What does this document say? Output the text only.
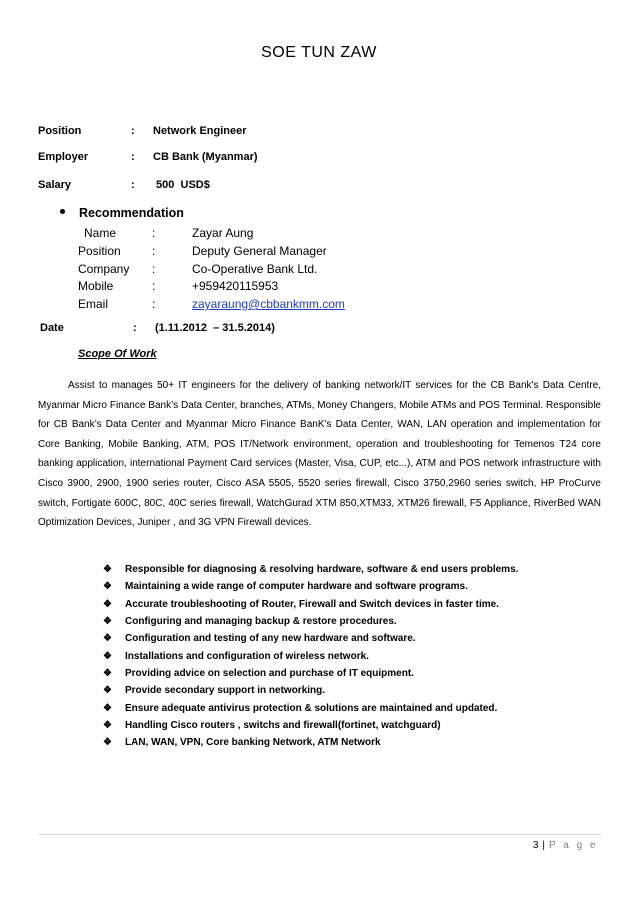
SOE TUN ZAW
Position	: Network Engineer
Employer	: CB Bank (Myanmar)
Salary	: 500  USD$
Recommendation
Name	:	Zayar Aung
Position	:	Deputy General Manager
Company :	Co-Operative Bank Ltd.
Mobile	:	+959420115953
Email	:	zayaraung@cbbankmm.com
Date	: (1.11.2012  – 31.5.2014)
Scope Of Work

Assist to manages 50+ IT engineers for the delivery of banking network/IT services for the CB Bank's Data Centre, Myanmar Micro Finance Bank’s Data Center, branches, ATMs, Money Changers, Mobile ATMs and POS Terminal. Responsible for CB Bank’s Data Center and Myanmar Micro Finance BanK’s Data Center, WAN, LAN operation and implementation for Core Banking, Mobile Banking, ATM, POS IT/Network environment, operation and troubleshooting for Temenos T24 core banking application, international Payment Card services (Master, Visa, CUP, etc...), ATM and POS network infrastructure with Cisco 3900, 2900, 1900 series router, Cisco ASA 5505, 5520 series firewall, Cisco 3750,2960 series switch, HP ProCurve switch, Fortigate 600C, 80C, 40C series firewall, WatchGurad XTM 850,XTM33, XTM26 firewall, F5 Appliance, RiverBed WAN Optimization Devices, Juniper , and 3G VPN Firewall devices.

❖	Responsible for diagnosing & resolving hardware, software & end users problems.
❖	Maintaining a wide range of computer hardware and software programs.
❖	Accurate troubleshooting of Router, Firewall and Switch devices in faster time.
❖	Configuring and managing backup & restore procedures.
❖	Configuration and testing of any new hardware and software.
❖	Installations and configuration of wireless network.
❖	Providing advice on selection and purchase of IT equipment.
❖	Provide secondary support in networking.
❖	Ensure adequate antivirus protection & solutions are maintained and updated.
❖	Handling Cisco routers , switchs and firewall(fortinet, watchguard)
❖	LAN, WAN, VPN, Core banking Network, ATM Network
3 | P a g e
